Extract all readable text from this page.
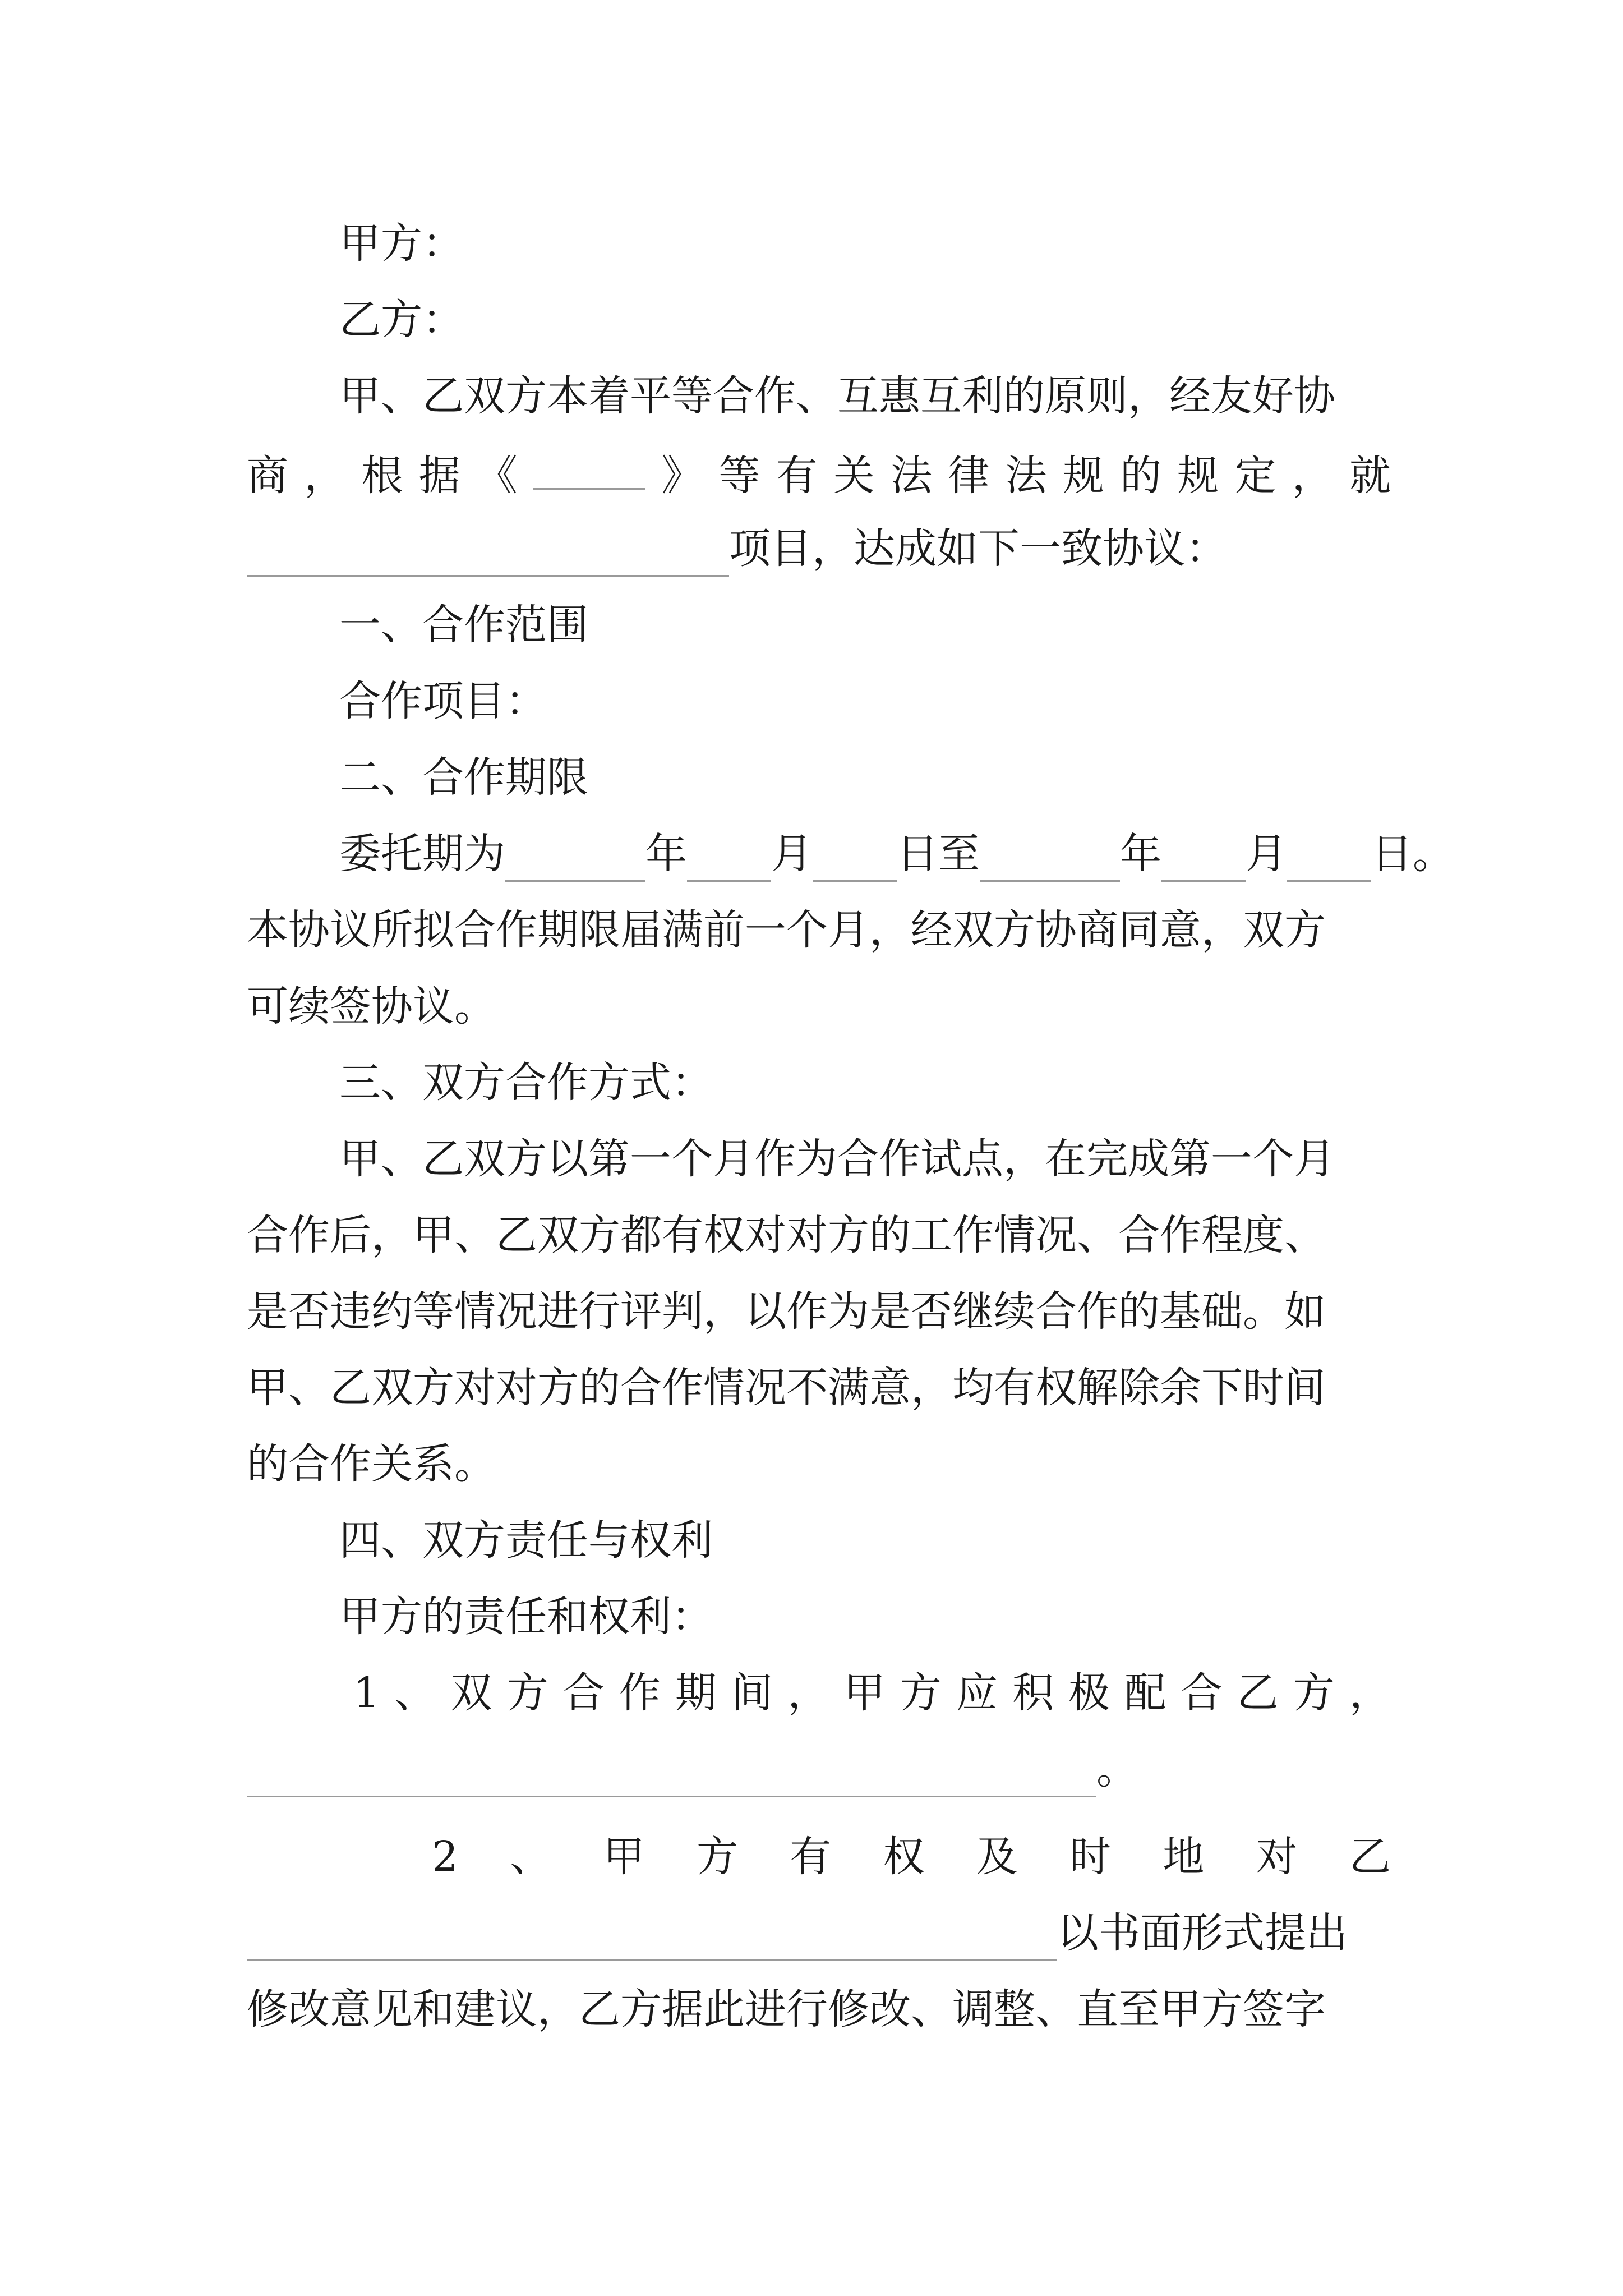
甲方：
乙方：
甲、乙双方本着平等合作、互惠互利的原则，经友好协
商 ， 根 据 《	》 等 有 关 法 律 法 规 的 规 定 ， 就
项目，达成如下一致协议：
一、合作范围
合作项目：
二、合作期限
委托期为	年 月 日至	年 月 日。
本协议所拟合作期限届满前一个月，经双方协商同意，双方
可续签协议。
三、双方合作方式：
甲、乙双方以第一个月作为合作试点，在完成第一个月
合作后，甲、乙双方都有权对对方的工作情况、合作程度、
是否违约等情况进行评判，以作为是否继续合作的基础。如
甲、乙双方对对方的合作情况不满意，均有权解除余下时间
的合作关系。
四、双方责任与权利
甲方的责任和权利：
1 、 双 方 合 作 期 间 ， 甲 方 应 积 极 配 合 乙 方 ，
。
2 、 甲 方 有 权 及 时 地 对 乙
以书面形式提出
修改意见和建议，乙方据此进行修改、调整、直至甲方签字
